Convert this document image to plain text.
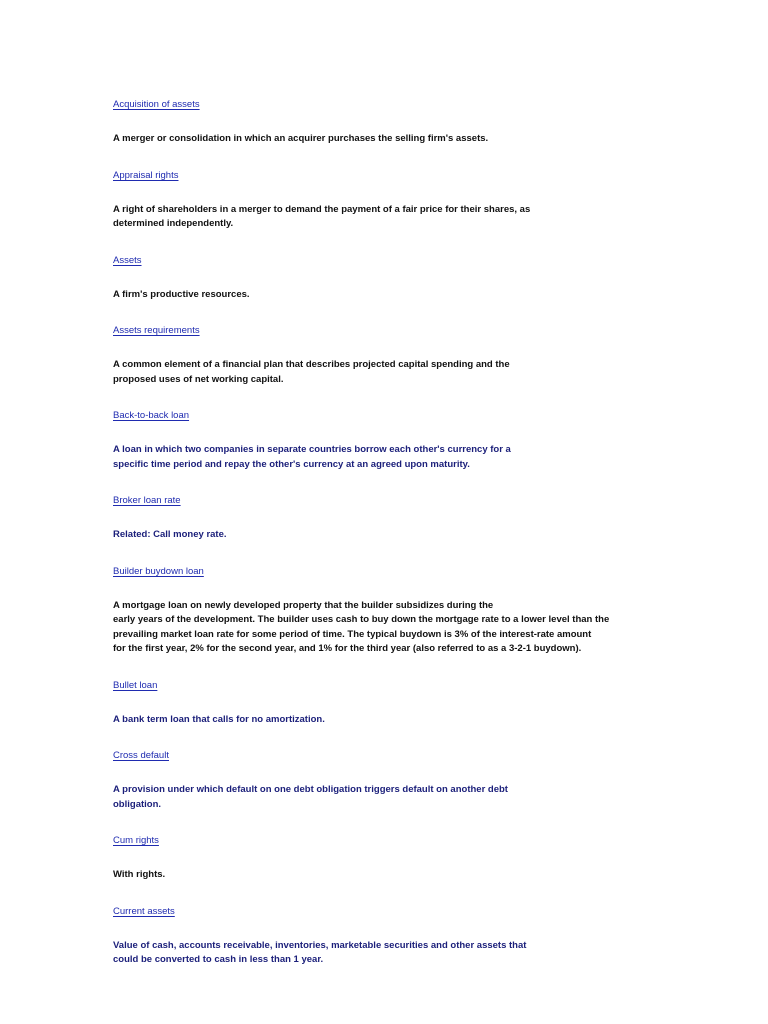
Acquisition of assets
A merger or consolidation in which an acquirer purchases the selling firm's assets.
Appraisal rights
A right of shareholders in a merger to demand the payment of a fair price for their shares, as
determined independently.
Assets
A firm's productive resources.
Assets requirements
A common element of a financial plan that describes projected capital spending and the
proposed uses of net working capital.
Back-to-back loan
A loan in which two companies in separate countries borrow each other's currency for a
specific time period and repay the other's currency at an agreed upon maturity.
Broker loan rate
Related: Call money rate.
Builder buydown loan
A mortgage loan on newly developed property that the builder subsidizes during the
early years of the development. The builder uses cash to buy down the mortgage rate to a lower level than the
prevailing market loan rate for some period of time. The typical buydown is 3% of the interest-rate amount
for the first year, 2% for the second year, and 1% for the third year (also referred to as a 3-2-1 buydown).
Bullet loan
A bank term loan that calls for no amortization.
Cross default
A provision under which default on one debt obligation triggers default on another debt
obligation.
Cum rights
With rights.
Current assets
Value of cash, accounts receivable, inventories, marketable securities and other assets that
could be converted to cash in less than 1 year.
